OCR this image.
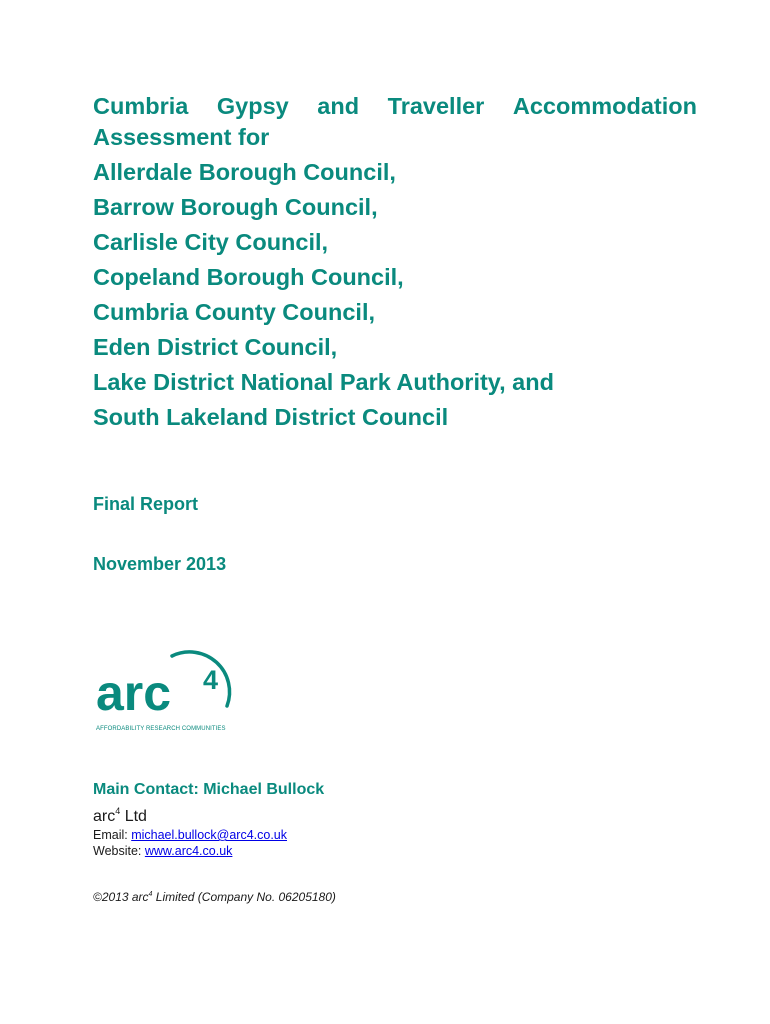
Cumbria Gypsy and Traveller Accommodation
Assessment for
Allerdale Borough Council,
Barrow Borough Council,
Carlisle City Council,
Copeland Borough Council,
Cumbria County Council,
Eden District Council,
Lake District National Park Authority, and
South Lakeland District Council
Final Report
November 2013
arc 4
AFFORDABILITY RESEARCH COMMUNITIES
Main Contact: Michael Bullock
arc$^4$ Ltd
Email: michael.bullock@arc4.co.uk
Website: www.arc4.co.uk
©2013 arc$^4$ Limited (Company No. 06205180)
